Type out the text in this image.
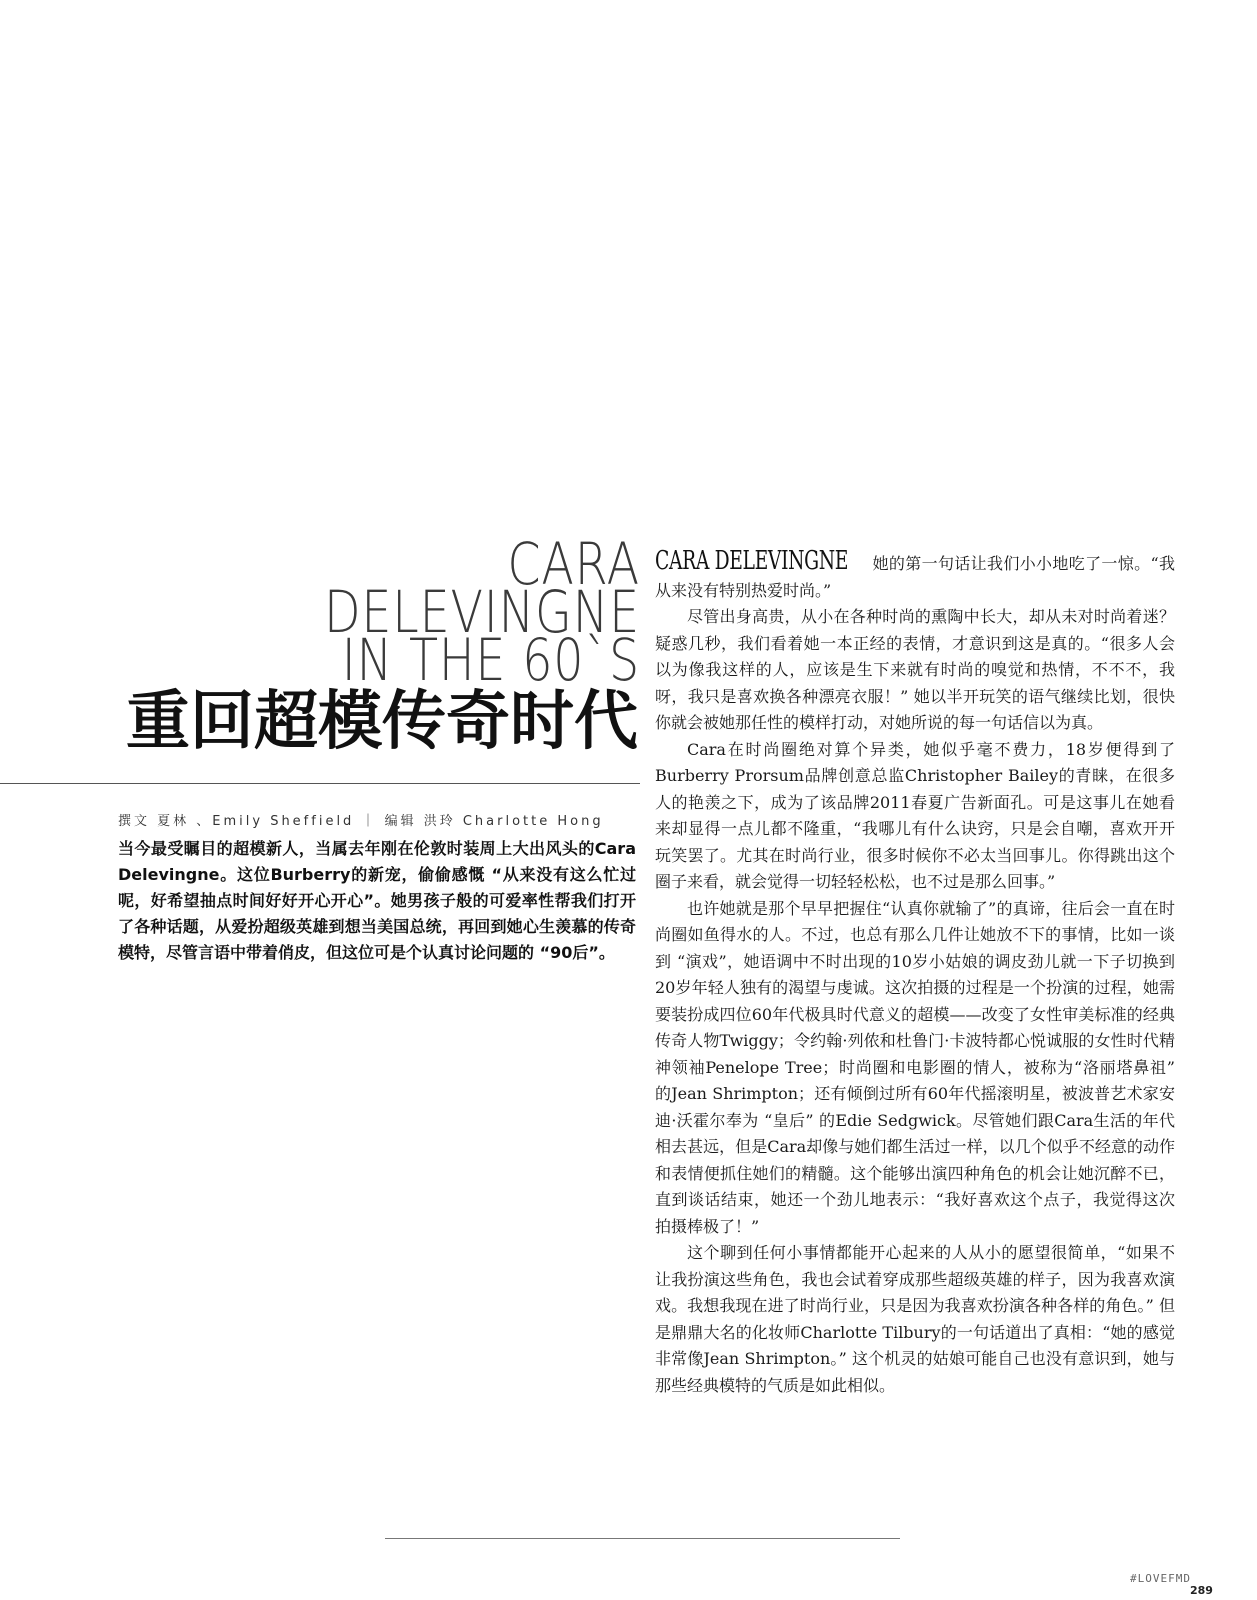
CARA
DELEVINGNE
IN THE 60`S
重回超模传奇时代
撰文 夏林 、Emily Sheffield ｜ 编辑 洪玲 Charlotte Hong
当今最受瞩目的超模新人，当属去年刚在伦敦时装周上大出风头的Cara Delevingne。这位Burberry的新宠，偷偷感慨 “从来没有这么忙过呢，好希望抽点时间好好开心开心”。她男孩子般的可爱率性帮我们打开了各种话题，从爱扮超级英雄到想当美国总统，再回到她心生羡慕的传奇模特，尽管言语中带着俏皮，但这位可是个认真讨论问题的 “90后”。

CARA DELEVINGNE 她的第一句话让我们小小地吃了一惊。“我从来没有特别热爱时尚。”

尽管出身高贵，从小在各种时尚的熏陶中长大，却从未对时尚着迷？疑惑几秒，我们看着她一本正经的表情，才意识到这是真的。“很多人会以为像我这样的人，应该是生下来就有时尚的嗅觉和热情，不不不，我呀，我只是喜欢换各种漂亮衣服！” 她以半开玩笑的语气继续比划，很快你就会被她那任性的模样打动，对她所说的每一句话信以为真。

Cara在时尚圈绝对算个异类，她似乎毫不费力，18岁便得到了Burberry Prorsum品牌创意总监Christopher Bailey的青睐，在很多人的艳羡之下，成为了该品牌2011春夏广告新面孔。可是这事儿在她看来却显得一点儿都不隆重，“我哪儿有什么诀窍，只是会自嘲，喜欢开开玩笑罢了。尤其在时尚行业，很多时候你不必太当回事儿。你得跳出这个圈子来看，就会觉得一切轻轻松松，也不过是那么回事。”

也许她就是那个早早把握住“认真你就输了”的真谛，往后会一直在时尚圈如鱼得水的人。不过，也总有那么几件让她放不下的事情，比如一谈到 “演戏”，她语调中不时出现的10岁小姑娘的调皮劲儿就一下子切换到20岁年轻人独有的渴望与虔诚。这次拍摄的过程是一个扮演的过程，她需要装扮成四位60年代极具时代意义的超模——改变了女性审美标准的经典传奇人物Twiggy；令约翰·列侬和杜鲁门·卡波特都心悦诚服的女性时代精神领袖Penelope Tree；时尚圈和电影圈的情人，被称为“洛丽塔鼻祖” 的Jean Shrimpton；还有倾倒过所有60年代摇滚明星，被波普艺术家安迪·沃霍尔奉为 “皇后” 的Edie Sedgwick。尽管她们跟Cara生活的年代相去甚远，但是Cara却像与她们都生活过一样，以几个似乎不经意的动作和表情便抓住她们的精髓。这个能够出演四种角色的机会让她沉醉不已，直到谈话结束，她还一个劲儿地表示：“我好喜欢这个点子，我觉得这次拍摄棒极了！”

这个聊到任何小事情都能开心起来的人从小的愿望很简单，“如果不让我扮演这些角色，我也会试着穿成那些超级英雄的样子，因为我喜欢演戏。我想我现在进了时尚行业，只是因为我喜欢扮演各种各样的角色。” 但是鼎鼎大名的化妆师Charlotte Tilbury的一句话道出了真相：“她的感觉非常像Jean Shrimpton。” 这个机灵的姑娘可能自己也没有意识到，她与那些经典模特的气质是如此相似。

#LOVEFMD
289
